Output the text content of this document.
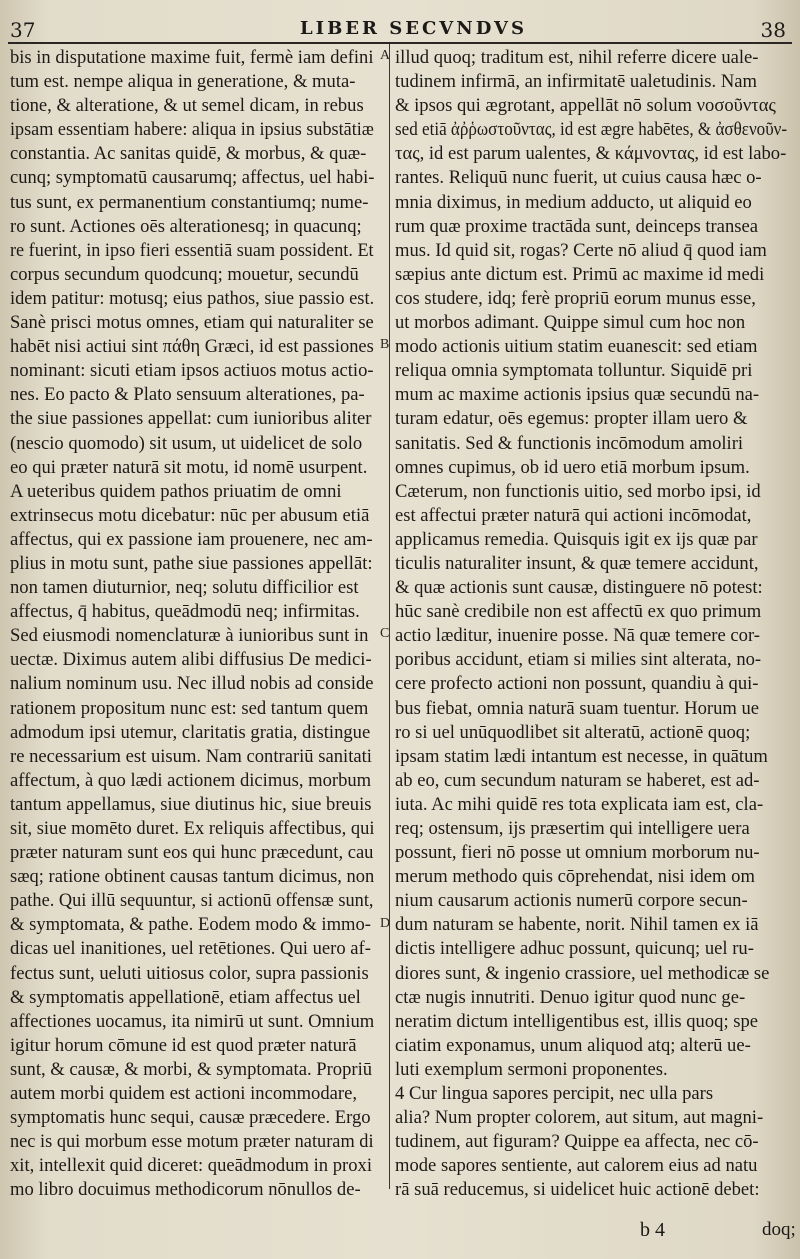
37	LIBER SECVNDVS	38
bis in disputatione maxime fuit, fermè iam defini
tum est. nempe aliqua in generatione, & muta-
tione, & alteratione, & ut semel dicam, in rebus
ipsam essentiam habere: aliqua in ipsius substātiæ
constantia. Ac sanitas quidē, & morbus, & quæ-
cunq; symptomatū causarumq; affectus, uel habi-
tus sunt, ex permanentium constantiumq; nume-
ro sunt. Actiones oēs alterationesq; in quacunq;
re fuerint, in ipso fieri essentiā suam possident. Et
corpus secundum quodcunq; mouetur, secundū
idem patitur: motusq; eius pathos, siue passio est.
Sanè prisci motus omnes, etiam qui naturaliter se
habēt nisi actiui sint πάθη Græci, id est passiones
nominant: sicuti etiam ipsos actiuos motus actio-
nes. Eo pacto & Plato sensuum alterationes, pa-
the siue passiones appellat: cum iunioribus aliter
(nescio quomodo) sit usum, ut uidelicet de solo
eo qui præter naturā sit motu, id nomē usurpent.
A ueteribus quidem pathos priuatim de omni
extrinsecus motu dicebatur: nūc per abusum etiā
affectus, qui ex passione iam prouenere, nec am-
plius in motu sunt, pathe siue passiones appellāt:
non tamen diuturnior, neq; solutu difficilior est
affectus, q̄ habitus, queādmodū neq; infirmitas.
Sed eiusmodi nomenclaturæ à iunioribus sunt in
uectæ. Diximus autem alibi diffusius De medici-
nalium nominum usu. Nec illud nobis ad conside
rationem propositum nunc est: sed tantum quem
admodum ipsi utemur, claritatis gratia, distingue
re necessarium est uisum. Nam contrariū sanitati
affectum, à quo lædi actionem dicimus, morbum
tantum appellamus, siue diutinus hic, siue breuis
sit, siue momēto duret. Ex reliquis affectibus, qui
præter naturam sunt eos qui hunc præcedunt, cau
sæq; ratione obtinent causas tantum dicimus, non
pathe. Qui illū sequuntur, si actionū offensæ sunt,
& symptomata, & pathe. Eodem modo & immo-
dicas uel inanitiones, uel retētiones. Qui uero af-
fectus sunt, ueluti uitiosus color, supra passionis
& symptomatis appellationē, etiam affectus uel
affectiones uocamus, ita nimirū ut sunt. Omnium
igitur horum cōmune id est quod præter naturā
sunt, & causæ, & morbi, & symptomata. Propriū
autem morbi quidem est actioni incommodare,
symptomatis hunc sequi, causæ præcedere. Ergo
nec is qui morbum esse motum præter naturam di
xit, intellexit quid diceret: queādmodum in proxi
mo libro docuimus methodicorum nōnullos de-
illud quoq; traditum est, nihil referre dicere uale-
tudinem infirmā, an infirmitatē ualetudinis. Nam
& ipsos qui ægrotant, appellāt nō solum νοσοῦντας
sed etiā ἀῤῥωστοῦντας, id est ægre habētes, & ἀσθενοῦν-
τας, id est parum ualentes, & κάμνοντας, id est labo-
rantes. Reliquū nunc fuerit, ut cuius causa hæc o-
mnia diximus, in medium adducto, ut aliquid eo
rum quæ proxime tractāda sunt, deinceps transea
mus. Id quid sit, rogas? Certe nō aliud q̄ quod iam
sæpius ante dictum est. Primū ac maxime id medi
cos studere, idq; ferè propriū eorum munus esse,
ut morbos adimant. Quippe simul cum hoc non
modo actionis uitium statim euanescit: sed etiam
reliqua omnia symptomata tolluntur. Siquidē pri
mum ac maxime actionis ipsius quæ secundū na-
turam edatur, oēs egemus: propter illam uero &
sanitatis. Sed & functionis incōmodum amoliri
omnes cupimus, ob id uero etiā morbum ipsum.
Cæterum, non functionis uitio, sed morbo ipsi, id
est affectui præter naturā qui actioni incōmodat,
applicamus remedia. Quisquis igit ex ijs quæ par
ticulis naturaliter insunt, & quæ temere accidunt,
& quæ actionis sunt causæ, distinguere nō potest:
hūc sanè credibile non est affectū ex quo primum
actio læditur, inuenire posse. Nā quæ temere cor-
poribus accidunt, etiam si milies sint alterata, no-
cere profecto actioni non possunt, quandiu à qui-
bus fiebat, omnia naturā suam tuentur. Horum ue
ro si uel unūquodlibet sit alteratū, actionē quoq;
ipsam statim lædi intantum est necesse, in quātum
ab eo, cum secundum naturam se haberet, est ad-
iuta. Ac mihi quidē res tota explicata iam est, cla-
req; ostensum, ijs præsertim qui intelligere uera
possunt, fieri nō posse ut omnium morborum nu-
merum methodo quis cōprehendat, nisi idem om
nium causarum actionis numerū corpore secun-
dum naturam se habente, norit. Nihil tamen ex iā
dictis intelligere adhuc possunt, quicunq; uel ru-
diores sunt, & ingenio crassiore, uel methodicæ se
ctæ nugis innutriti. Denuo igitur quod nunc ge-
neratim dictum intelligentibus est, illis quoq; spe
ciatim exponamus, unum aliquod atq; alterū ue-
luti exemplum sermoni proponentes.
4 Cur lingua sapores percipit, nec ulla pars
alia? Num propter colorem, aut situm, aut magni-
tudinem, aut figuram? Quippe ea affecta, nec cō-
mode sapores sentiente, aut calorem eius ad natu
rā suā reducemus, si uidelicet huic actionē debet:
A
B
C
D
b 4	doq;
